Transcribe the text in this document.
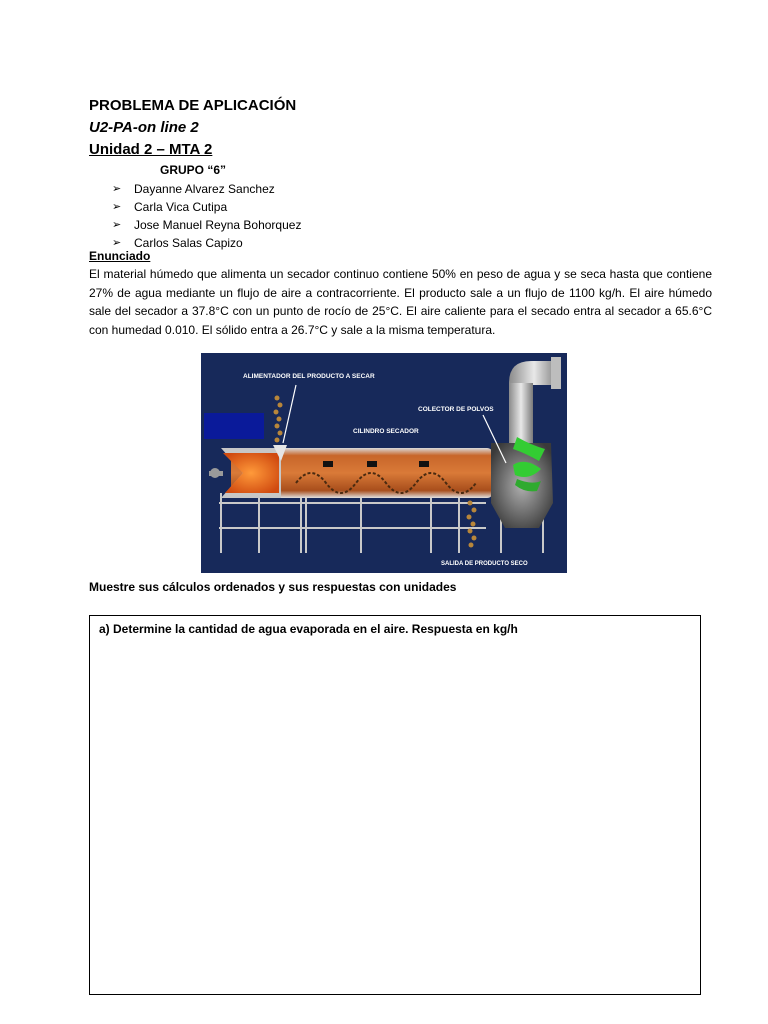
PROBLEMA DE APLICACIÓN
U2-PA-on line 2
Unidad 2 – MTA 2
GRUPO “6”
➢	Dayanne Alvarez Sanchez
➢	Carla Vica Cutipa
➢	Jose Manuel Reyna Bohorquez
➢	Carlos Salas Capizo
Enunciado
El material húmedo que alimenta un secador continuo contiene 50% en peso de agua y se seca hasta que contiene 27% de agua mediante un flujo de aire a contracorriente. El producto sale a un flujo de 1100 kg/h. El aire húmedo sale del secador a 37.8°C con un punto de rocío de 25°C. El aire caliente para el secado entra al secador a 65.6°C con humedad 0.010. El sólido entra a 26.7°C y sale a la misma temperatura.
ALIMENTADOR DEL PRODUCTO A SECAR
COLECTOR DE POLVOS
CILINDRO SECADOR
SALIDA DE PRODUCTO SECO
Muestre sus cálculos ordenados y sus respuestas con unidades
a) Determine la cantidad de agua evaporada en el aire. Respuesta en kg/h
